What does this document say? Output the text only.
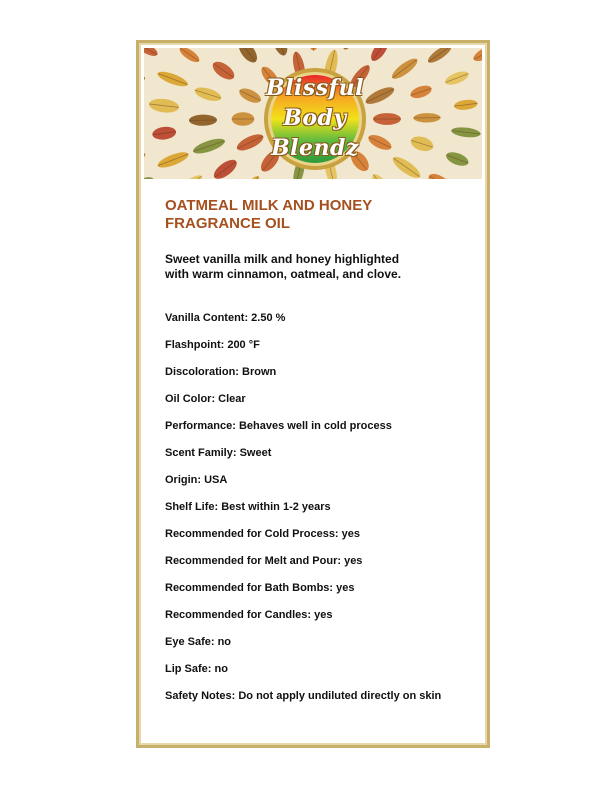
Blissful
Body
Blendz
OATMEAL MILK AND HONEY FRAGRANCE OIL

Sweet vanilla milk and honey highlighted with warm cinnamon, oatmeal, and clove.

Vanilla Content: 2.50 %
Flashpoint: 200 °F
Discoloration: Brown
Oil Color: Clear
Performance: Behaves well in cold process
Scent Family: Sweet
Origin: USA
Shelf Life: Best within 1-2 years
Recommended for Cold Process: yes
Recommended for Melt and Pour: yes
Recommended for Bath Bombs: yes
Recommended for Candles: yes
Eye Safe: no
Lip Safe: no
Safety Notes: Do not apply undiluted directly on skin
